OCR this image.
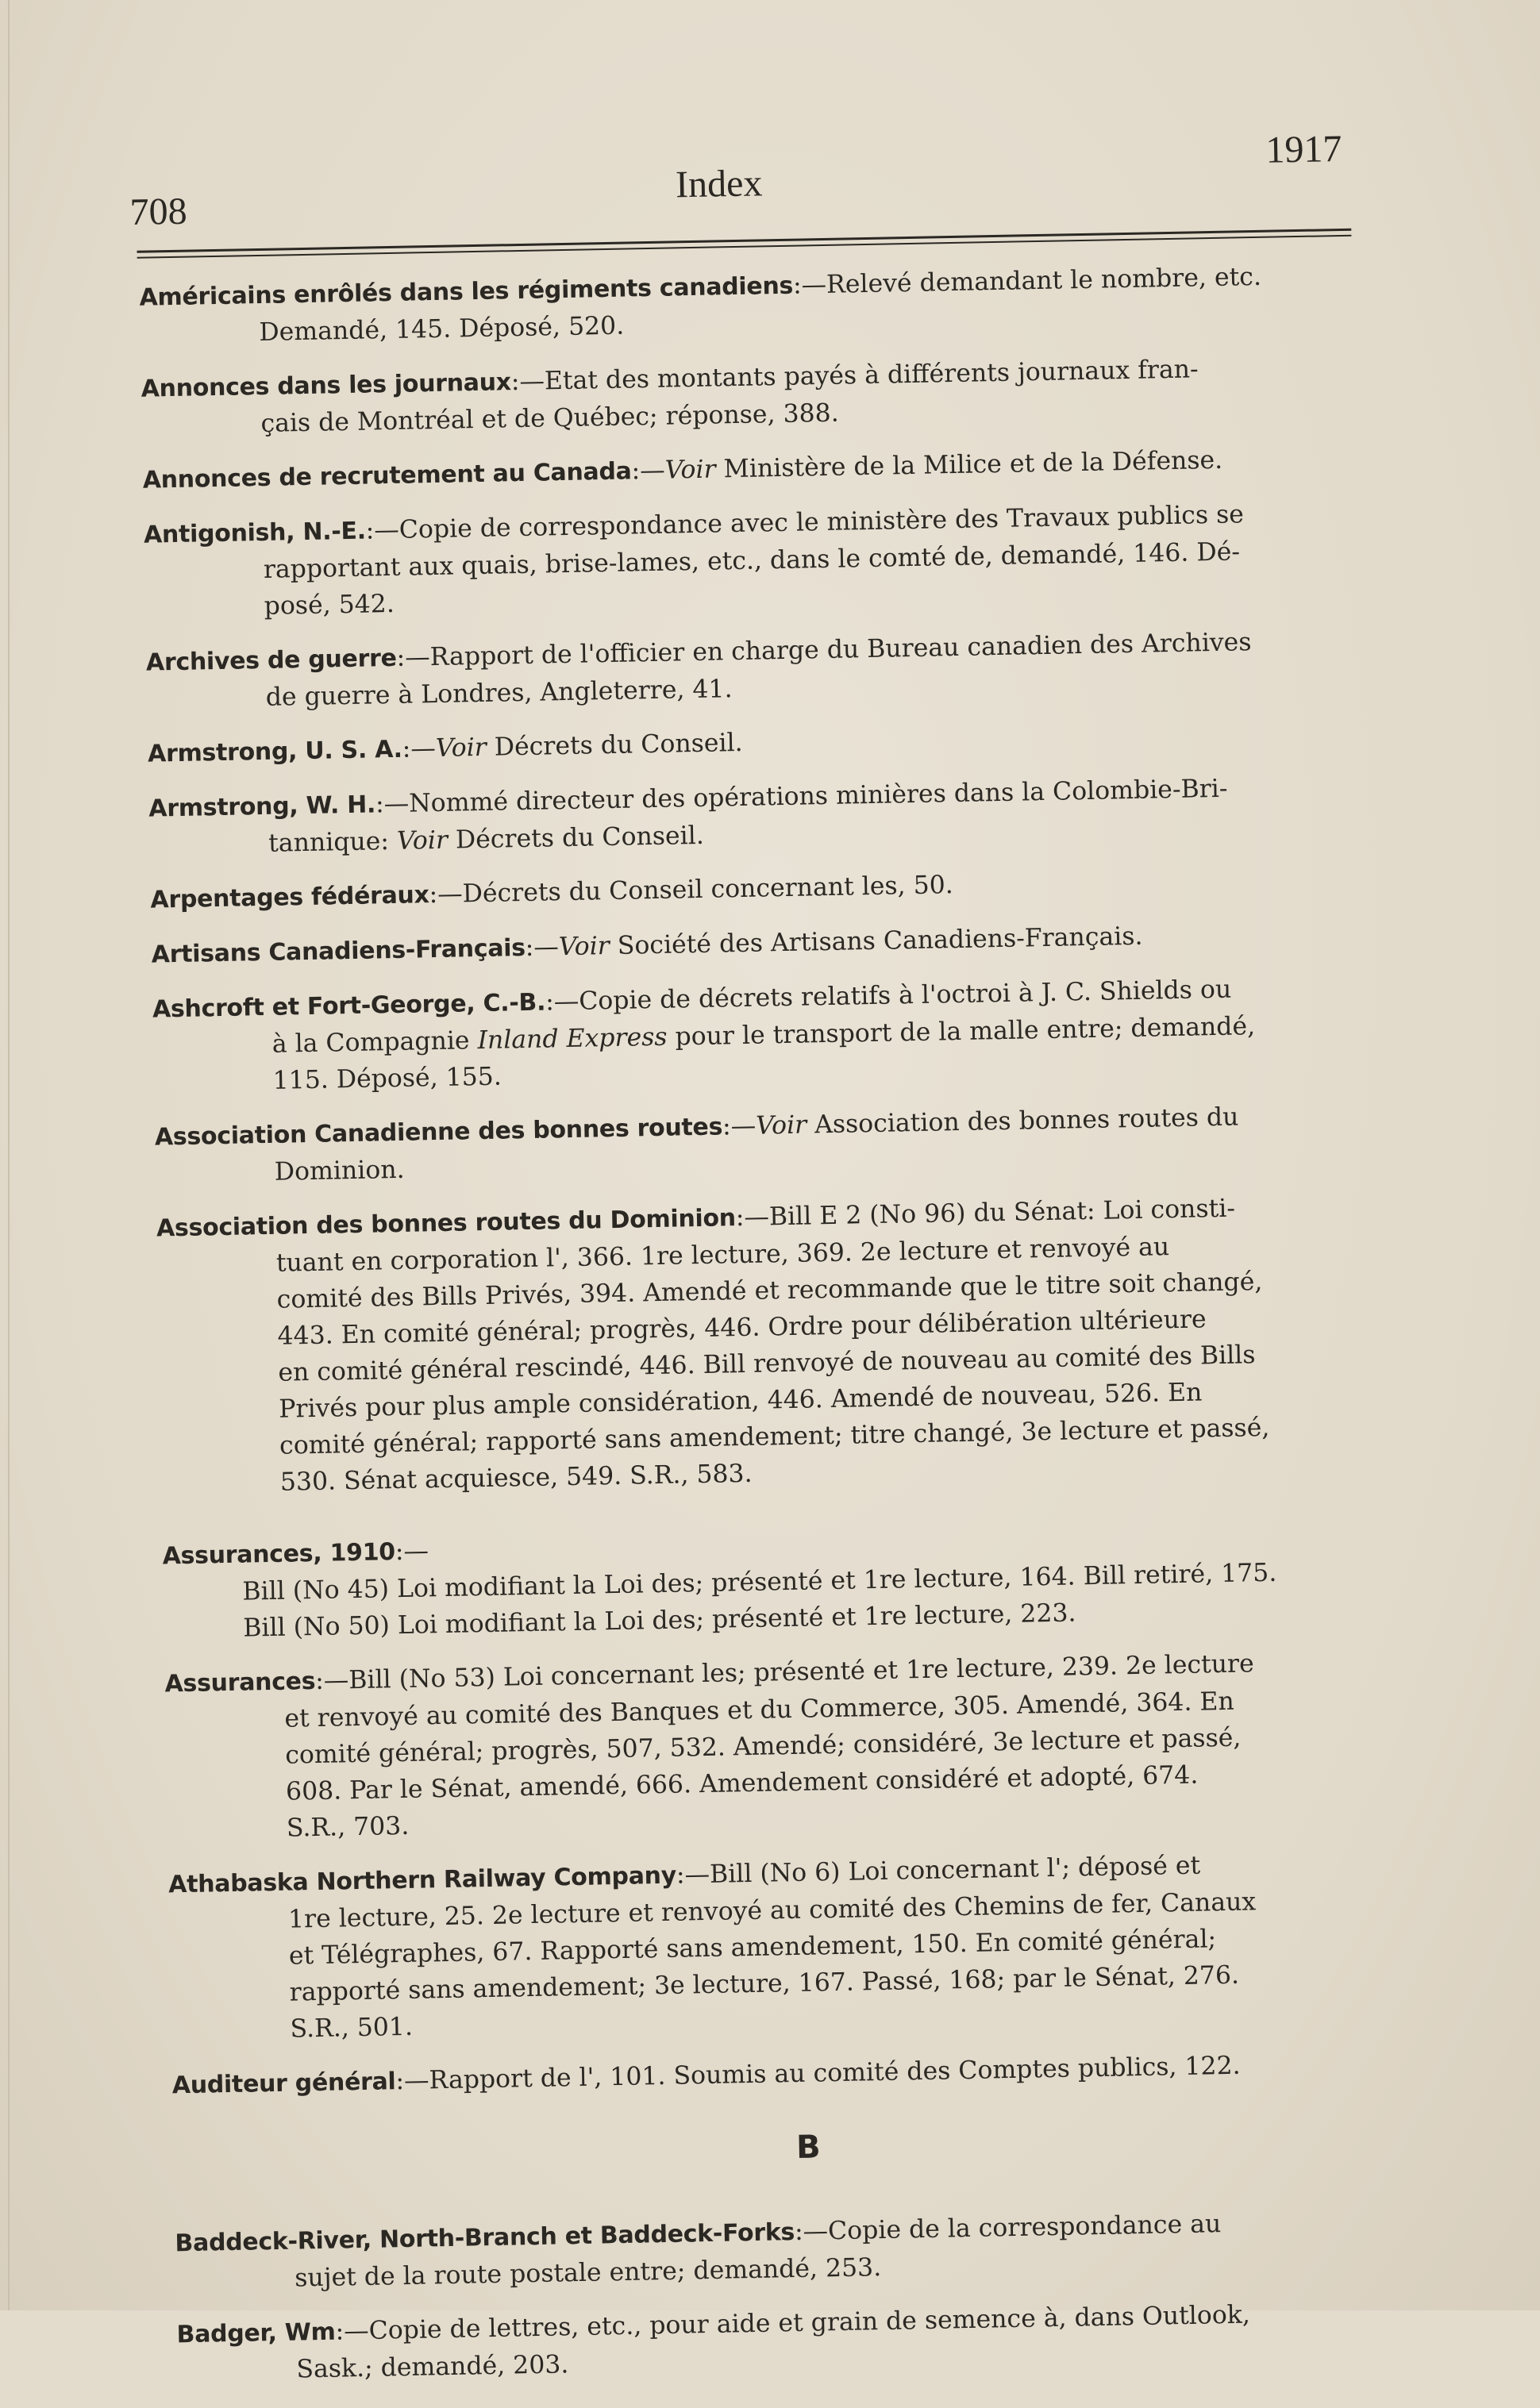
708
Index
1917
Américains enrôlés dans les régiments canadiens:—Relevé demandant le nombre, etc.
Demandé, 145. Déposé, 520.
Annonces dans les journaux:—Etat des montants payés à différents journaux fran-
çais de Montréal et de Québec; réponse, 388.
Annonces de recrutement au Canada:—Voir Ministère de la Milice et de la Défense.
Antigonish, N.-E.:—Copie de correspondance avec le ministère des Travaux publics se
rapportant aux quais, brise-lames, etc., dans le comté de, demandé, 146. Dé-
posé, 542.
Archives de guerre:—Rapport de l'officier en charge du Bureau canadien des Archives
de guerre à Londres, Angleterre, 41.
Armstrong, U. S. A.:—Voir Décrets du Conseil.
Armstrong, W. H.:—Nommé directeur des opérations minières dans la Colombie-Bri-
tannique: Voir Décrets du Conseil.
Arpentages fédéraux:—Décrets du Conseil concernant les, 50.
Artisans Canadiens-Français:—Voir Société des Artisans Canadiens-Français.
Ashcroft et Fort-George, C.-B.:—Copie de décrets relatifs à l'octroi à J. C. Shields ou
à la Compagnie Inland Express pour le transport de la malle entre; demandé,
115. Déposé, 155.
Association Canadienne des bonnes routes:—Voir Association des bonnes routes du
Dominion.
Association des bonnes routes du Dominion:—Bill E 2 (No 96) du Sénat: Loi consti-
tuant en corporation l', 366. 1re lecture, 369. 2e lecture et renvoyé au
comité des Bills Privés, 394. Amendé et recommande que le titre soit changé,
443. En comité général; progrès, 446. Ordre pour délibération ultérieure
en comité général rescindé, 446. Bill renvoyé de nouveau au comité des Bills
Privés pour plus ample considération, 446. Amendé de nouveau, 526. En
comité général; rapporté sans amendement; titre changé, 3e lecture et passé,
530. Sénat acquiesce, 549. S.R., 583.
Assurances, 1910:—
Bill (No 45) Loi modifiant la Loi des; présenté et 1re lecture, 164. Bill retiré, 175.
Bill (No 50) Loi modifiant la Loi des; présenté et 1re lecture, 223.
Assurances:—Bill (No 53) Loi concernant les; présenté et 1re lecture, 239. 2e lecture
et renvoyé au comité des Banques et du Commerce, 305. Amendé, 364. En
comité général; progrès, 507, 532. Amendé; considéré, 3e lecture et passé,
608. Par le Sénat, amendé, 666. Amendement considéré et adopté, 674.
S.R., 703.
Athabaska Northern Railway Company:—Bill (No 6) Loi concernant l'; déposé et
1re lecture, 25. 2e lecture et renvoyé au comité des Chemins de fer, Canaux
et Télégraphes, 67. Rapporté sans amendement, 150. En comité général;
rapporté sans amendement; 3e lecture, 167. Passé, 168; par le Sénat, 276.
S.R., 501.
Auditeur général:—Rapport de l', 101. Soumis au comité des Comptes publics, 122.
B
Baddeck-River, North-Branch et Baddeck-Forks:—Copie de la correspondance au
sujet de la route postale entre; demandé, 253.
Badger, Wm:—Copie de lettres, etc., pour aide et grain de semence à, dans Outlook,
Sask.; demandé, 203.
